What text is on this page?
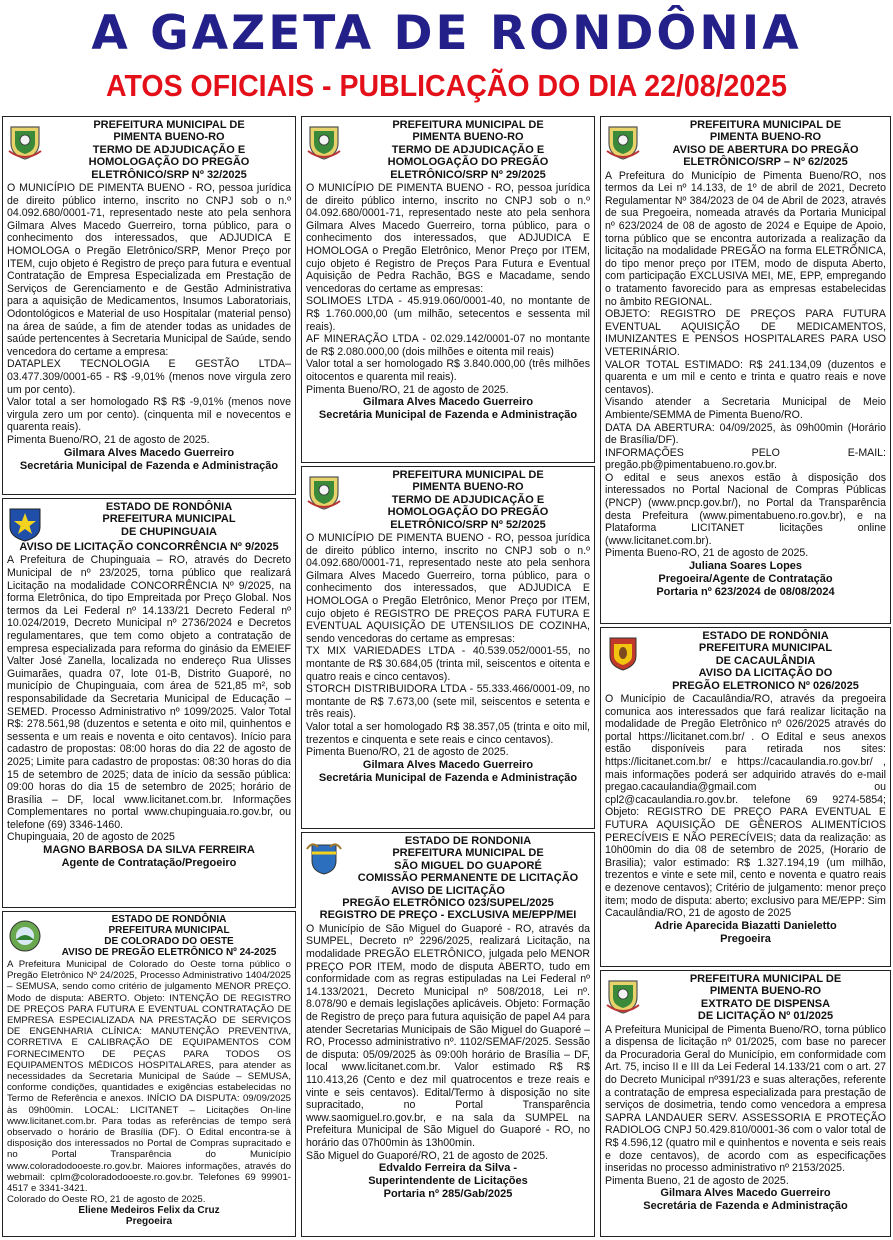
A GAZETA DE RONDÔNIA
ATOS OFICIAIS - PUBLICAÇÃO DO DIA 22/08/2025
PREFEITURA MUNICIPAL DE
PIMENTA BUENO-RO
TERMO DE ADJUDICAÇÃO E
HOMOLOGAÇÃO DO PREGÃO
ELETRÔNICO/SRP Nº 32/2025

O MUNICÍPIO DE PIMENTA BUENO - RO, pessoa jurídica de direito público interno, inscrito no CNPJ sob o n.º 04.092.680/0001-71, representado neste ato pela senhora Gilmara Alves Macedo Guerreiro, torna público, para o conhecimento dos interessados, que ADJUDICA E HOMOLOGA o Pregão Eletrônico/SRP, Menor Preço por ITEM, cujo objeto é Registro de preço para futura e eventual Contratação de Empresa Especializada em Prestação de Serviços de Gerenciamento e de Gestão Administrativa para a aquisição de Medicamentos, Insumos Laboratoriais, Odontológicos e Material de uso Hospitalar (material penso) na área de saúde, a fim de atender todas as unidades de saúde pertencentes à Secretaria Municipal de Saúde, sendo vencedora do certame a empresa:

DATAPLEX TECNOLOGIA E GESTÃO LTDA–03.477.309/0001-65 - R$ -9,01% (menos nove virgula zero um por cento).

Valor total a ser homologado R$ R$ -9,01% (menos nove virgula zero um por cento). (cinquenta mil e novecentos e quarenta reais).

Pimenta Bueno/RO, 21 de agosto de 2025.

Gilmara Alves Macedo Guerreiro
Secretária Municipal de Fazenda e Administração
ESTADO DE RONDÔNIA
PREFEITURA MUNICIPAL
DE CHUPINGUAIA
AVISO DE LICITAÇÃO CONCORRÊNCIA Nº 9/2025

A Prefeitura de Chupinguaia – RO, através do Decreto Municipal de nº 23/2025, torna público que realizará Licitação na modalidade CONCORRÊNCIA Nº 9/2025, na forma Eletrônica, do tipo Empreitada por Preço Global. Nos termos da Lei Federal nº 14.133/21 Decreto Federal nº 10.024/2019, Decreto Municipal nº 2736/2024 e Decretos regulamentares, que tem como objeto a contratação de empresa especializada para reforma do ginásio da EMEIEF Valter José Zanella, localizada no endereço Rua Ulisses Guimarães, quadra 07, lote 01-B, Distrito Guaporé, no município de Chupinguaia, com área de 521,85 m², sob responsabilidade da Secretaria Municipal de Educação – SEMED. Processo Administrativo nº 1099/2025. Valor Total R$: 278.561,98 (duzentos e setenta e oito mil, quinhentos e sessenta e um reais e noventa e oito centavos). Início para cadastro de propostas: 08:00 horas do dia 22 de agosto de 2025; Limite para cadastro de propostas: 08:30 horas do dia 15 de setembro de 2025; data de início da sessão pública: 09:00 horas do dia 15 de setembro de 2025; horário de Brasília – DF, local www.licitanet.com.br. Informações Complementares no portal www.chupinguaia.ro.gov.br, ou telefone (69) 3346-1460.

Chupinguaia, 20 de agosto de 2025

MAGNO BARBOSA DA SILVA FERREIRA
Agente de Contratação/Pregoeiro
ESTADO DE RONDÔNIA
PREFEITURA MUNICIPAL
DE COLORADO DO OESTE
AVISO DE PREGÃO ELETRÔNICO Nº 24-2025

A Prefeitura Municipal de Colorado do Oeste torna público o Pregão Eletrônico Nº 24/2025, Processo Administrativo 1404/2025 – SEMUSA, sendo como critério de julgamento MENOR PREÇO. Modo de disputa: ABERTO. Objeto: INTENÇÃO DE REGISTRO DE PREÇOS PARA FUTURA E EVENTUAL CONTRATAÇÃO DE EMPRESA ESPECIALIZADA NA PRESTAÇÃO DE SERVIÇOS DE ENGENHARIA CLÍNICA: MANUTENÇÃO PREVENTIVA, CORRETIVA E CALIBRAÇÃO DE EQUIPAMENTOS COM FORNECIMENTO DE PEÇAS PARA TODOS OS EQUIPAMENTOS MÉDICOS HOSPITALARES, para atender as necessidades da Secretaria Municipal de Saúde – SEMUSA, conforme condições, quantidades e exigências estabelecidas no Termo de Referência e anexos. INÍCIO DA DISPUTA: 09/09/2025 às 09h00min. LOCAL: LICITANET – Licitações On-line www.licitanet.com.br. Para todas as referências de tempo será observado o horário de Brasília (DF). O Edital encontra-se à disposição dos interessados no Portal de Compras supracitado e no Portal Transparência do Município www.coloradodooeste.ro.gov.br. Maiores informações, através do webmail: cplm@coloradodooeste.ro.gov.br. Telefones 69 99901-4517 e 3341-3421.

Colorado do Oeste RO, 21 de agosto de 2025.

Eliene Medeiros Felix da Cruz
Pregoeira
PREFEITURA MUNICIPAL DE
PIMENTA BUENO-RO
TERMO DE ADJUDICAÇÃO E
HOMOLOGAÇÃO DO PREGÃO
ELETRÔNICO/SRP Nº 29/2025

O MUNICÍPIO DE PIMENTA BUENO - RO, pessoa jurídica de direito público interno, inscrito no CNPJ sob o n.º 04.092.680/0001-71, representado neste ato pela senhora Gilmara Alves Macedo Guerreiro, torna público, para o conhecimento dos interessados, que ADJUDICA E HOMOLOGA o Pregão Eletrônico, Menor Preço por ITEM, cujo objeto é Registro de Preços Para Futura e Eventual Aquisição de Pedra Rachão, BGS e Macadame, sendo vencedoras do certame as empresas:

SOLIMOES LTDA - 45.919.060/0001-40, no montante de R$ 1.760.000,00 (um milhão, setecentos e sessenta mil reais).

AF MINERAÇÃO LTDA - 02.029.142/0001-07 no montante de R$ 2.080.000,00 (dois milhões e oitenta mil reais)

Valor total a ser homologado R$ 3.840.000,00 (três milhões oitocentos e quarenta mil reais).

Pimenta Bueno/RO, 21 de agosto de 2025.

Gilmara Alves Macedo Guerreiro
Secretária Municipal de Fazenda e Administração
PREFEITURA MUNICIPAL DE
PIMENTA BUENO-RO
TERMO DE ADJUDICAÇÃO E
HOMOLOGAÇÃO DO PREGÃO
ELETRÔNICO/SRP Nº 52/2025

O MUNICÍPIO DE PIMENTA BUENO - RO, pessoa jurídica de direito público interno, inscrito no CNPJ sob o n.º 04.092.680/0001-71, representado neste ato pela senhora Gilmara Alves Macedo Guerreiro, torna público, para o conhecimento dos interessados, que ADJUDICA E HOMOLOGA o Pregão Eletrônico, Menor Preço por ITEM, cujo objeto é REGISTRO DE PREÇOS PARA FUTURA E EVENTUAL AQUISIÇÃO DE UTENSILIOS DE COZINHA, sendo vencedoras do certame as empresas:

TX MIX VARIEDADES LTDA - 40.539.052/0001-55, no montante de R$ 30.684,05 (trinta mil, seiscentos e oitenta e quatro reais e cinco centavos).

STORCH DISTRIBUIDORA LTDA - 55.333.466/0001-09, no montante de R$ 7.673,00 (sete mil, seiscentos e setenta e três reais).

Valor total a ser homologado R$ 38.357,05 (trinta e oito mil, trezentos e cinquenta e sete reais e cinco centavos).

Pimenta Bueno/RO, 21 de agosto de 2025.

Gilmara Alves Macedo Guerreiro
Secretária Municipal de Fazenda e Administração
ESTADO DE RONDONIA
PREFEITURA MUNICIPAL DE
SÃO MIGUEL DO GUAPORÉ
COMISSÃO PERMANENTE DE LICITAÇÃO
AVISO DE LICITAÇÃO
PREGÃO ELETRÔNICO 023/SUPEL/2025
REGISTRO DE PREÇO - EXCLUSIVA ME/EPP/MEI

O Município de São Miguel do Guaporé - RO, através da SUMPEL, Decreto nº 2296/2025, realizará Licitação, na modalidade PREGÃO ELETRÔNICO, julgada pelo MENOR PREÇO POR ITEM, modo de disputa ABERTO, tudo em conformidade com as regras estipuladas na Lei Federal nº 14.133/2021, Decreto Municipal nº 508/2018, Lei nº. 8.078/90 e demais legislações aplicáveis. Objeto: Formação de Registro de preço para futura aquisição de papel A4 para atender Secretarias Municipais de São Miguel do Guaporé – RO, Processo administrativo nº. 1102/SEMAF/2025. Sessão de disputa: 05/09/2025 às 09:00h horário de Brasília – DF, local www.licitanet.com.br. Valor estimado R$ R$ 110.413,26 (Cento e dez mil quatrocentos e treze reais e vinte e seis centavos). Edital/Termo à disposição no site supracitado, no Portal Transparência www.saomiguel.ro.gov.br, e na sala da SUMPEL na Prefeitura Municipal de São Miguel do Guaporé - RO, no horário das 07h00min às 13h00min.

São Miguel do Guaporé/RO, 21 de agosto de 2025.

Edvaldo Ferreira da Silva -
Superintendente de Licitações
Portaria nº 285/Gab/2025
PREFEITURA MUNICIPAL DE
PIMENTA BUENO-RO
AVISO DE ABERTURA DO PREGÃO
ELETRÔNICO/SRP – Nº 62/2025

A Prefeitura do Município de Pimenta Bueno/RO, nos termos da Lei nº 14.133, de 1º de abril de 2021, Decreto Regulamentar Nº 384/2023 de 04 de Abril de 2023, através de sua Pregoeira, nomeada através da Portaria Municipal nº 623/2024 de 08 de agosto de 2024 e Equipe de Apoio, torna público que se encontra autorizada a realização da licitação na modalidade PREGÃO na forma ELETRÔNICA, do tipo menor preço por ITEM, modo de disputa Aberto, com participação EXCLUSIVA MEI, ME, EPP, empregando o tratamento favorecido para as empresas estabelecidas no âmbito REGIONAL.

OBJETO: REGISTRO DE PREÇOS PARA FUTURA EVENTUAL AQUISIÇÃO DE MEDICAMENTOS, IMUNIZANTES E PENSOS HOSPITALARES PARA USO VETERINÁRIO.

VALOR TOTAL ESTIMADO: R$ 241.134,09 (duzentos e quarenta e um mil e cento e trinta e quatro reais e nove centavos).

Visando atender a Secretaria Municipal de Meio Ambiente/SEMMA de Pimenta Bueno/RO.

DATA DA ABERTURA: 04/09/2025, às 09h00min (Horário de Brasília/DF).

INFORMAÇÕES PELO E-MAIL: pregão.pb@pimentabueno.ro.gov.br.

O edital e seus anexos estão à disposição dos interessados no Portal Nacional de Compras Públicas (PNCP) (www.pncp.gov.br/), no Portal da Transparência desta Prefeitura (www.pimentabueno.ro.gov.br), e na Plataforma LICITANET licitações online (www.licitanet.com.br).

Pimenta Bueno-RO, 21 de agosto de 2025.

Juliana Soares Lopes
Pregoeira/Agente de Contratação
Portaria nº 623/2024 de 08/08/2024
ESTADO DE RONDÔNIA
PREFEITURA MUNICIPAL
DE CACAULÂNDIA
AVISO DA LICITAÇÃO DO
PREGÃO ELETRONICO Nº 026/2025

O Município de Cacaulândia/RO, através da pregoeira comunica aos interessados que fará realizar licitação na modalidade de Pregão Eletrônico nº 026/2025 através do portal https://licitanet.com.br/ . O Edital e seus anexos estão disponíveis para retirada nos sites: https://licitanet.com.br/ e https://cacaulandia.ro.gov.br/ , mais informações poderá ser adquirido através do e-mail pregao.cacaulandia@gmail.com ou cpl2@cacaulandia.ro.gov.br. telefone 69 9274-5854; Objeto: REGISTRO DE PREÇO PARA EVENTUAL E FUTURA AQUISIÇÃO DE GÊNEROS ALIMENTÍCIOS PERECÍVEIS E NÃO PERECÍVEIS; data da realização: as 10h00min do dia 08 de setembro de 2025, (Horario de Brasilia); valor estimado: R$ 1.327.194,19 (um milhão, trezentos e vinte e sete mil, cento e noventa e quatro reais e dezenove centavos); Critério de julgamento: menor preço item; modo de disputa: aberto; exclusivo para ME/EPP: Sim

Cacaulândia/RO, 21 de agosto de 2025

Adrie Aparecida Biazatti Danieletto
Pregoeira
PREFEITURA MUNICIPAL DE
PIMENTA BUENO-RO
EXTRATO DE DISPENSA
DE LICITAÇÃO Nº 01/2025

A Prefeitura Municipal de Pimenta Bueno/RO, torna público a dispensa de licitação nº 01/2025, com base no parecer da Procuradoria Geral do Município, em conformidade com Art. 75, inciso II e III da Lei Federal 14.133/21 com o art. 27 do Decreto Municipal nº391/23 e suas alterações, referente a contratação de empresa especializada para prestação de serviços de dosimetria, tendo como vencedora a empresa SAPRA LANDAUER SERV. ASSESSORIA E PROTEÇÃO RADIOLOG CNPJ 50.429.810/0001-36 com o valor total de R$ 4.596,12 (quatro mil e quinhentos e noventa e seis reais e doze centavos), de acordo com as especificações inseridas no processo administrativo nº 2153/2025.

Pimenta Bueno, 21 de agosto de 2025.

Gilmara Alves Macedo Guerreiro
Secretária de Fazenda e Administração
